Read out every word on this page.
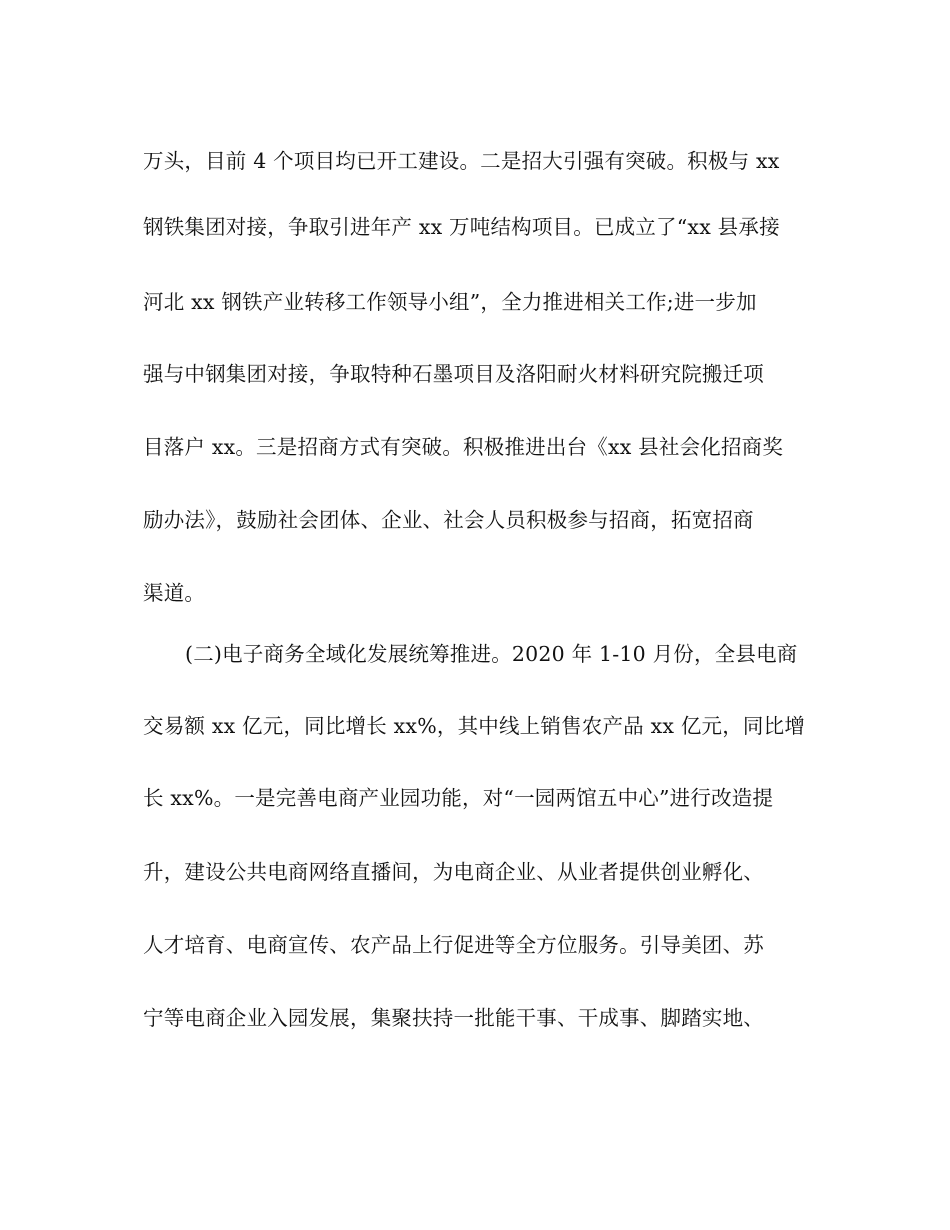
万头，目前 4 个项目均已开工建设。二是招大引强有突破。积极与 xx
钢铁集团对接，争取引进年产 xx 万吨结构项目。已成立了“xx 县承接
河北 xx 钢铁产业转移工作领导小组”，全力推进相关工作;进一步加
强与中钢集团对接，争取特种石墨项目及洛阳耐火材料研究院搬迁项
目落户 xx。三是招商方式有突破。积极推进出台《xx 县社会化招商奖
励办法》，鼓励社会团体、企业、社会人员积极参与招商，拓宽招商
渠道。
(二)电子商务全域化发展统筹推进。2020 年 1-10 月份，全县电商
交易额 xx 亿元，同比增长 xx%，其中线上销售农产品 xx 亿元，同比增
长 xx%。一是完善电商产业园功能，对“一园两馆五中心”进行改造提
升，建设公共电商网络直播间，为电商企业、从业者提供创业孵化、
人才培育、电商宣传、农产品上行促进等全方位服务。引导美团、苏
宁等电商企业入园发展，集聚扶持一批能干事、干成事、脚踏实地、
